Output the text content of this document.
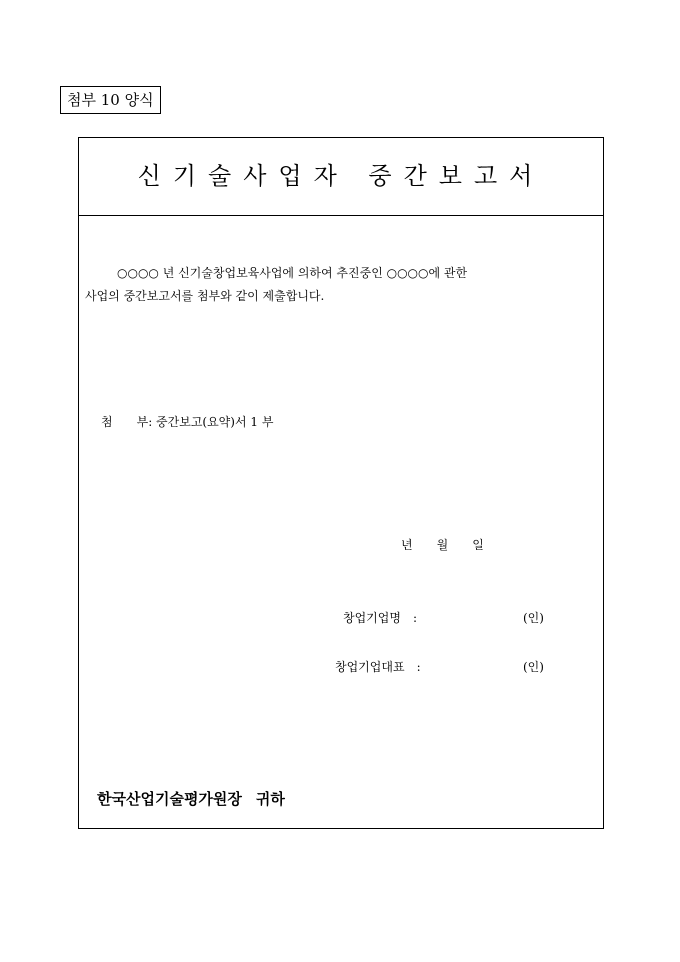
첨부 10 양식
신기술사업자 중간보고서
○○○○ 년 신기술창업보육사업에 의하여 추진중인 ○○○○에 관한
사업의 중간보고서를 첨부와 같이 제출합니다.
첨 부: 중간보고(요약)서 1 부
년 월 일
창업기업명 :	(인)
창업기업대표 :	(인)
한국산업기술평가원장 귀하
